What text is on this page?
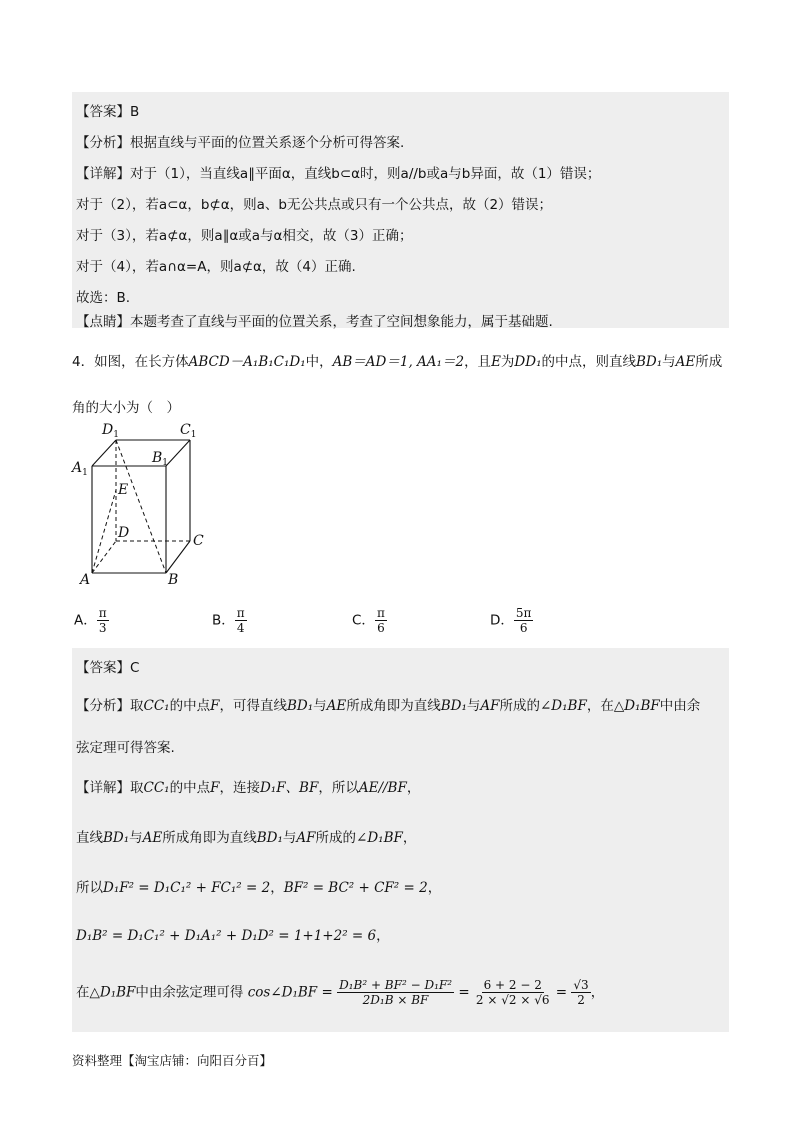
【答案】B
【分析】根据直线与平面的位置关系逐个分析可得答案.
【详解】对于（1），当直线a∥平面α，直线b⊂α时，则a//b或a与b异面，故（1）错误；
对于（2），若a⊂α，b⊄α，则a、b无公共点或只有一个公共点，故（2）错误；
对于（3），若a⊄α，则a∥α或a与α相交，故（3）正确；
对于（4），若a∩α=A，则a⊄α，故（4）正确.
故选：B.
【点睛】本题考查了直线与平面的位置关系，考查了空间想象能力，属于基础题.
4．如图，在长方体ABCD－A₁B₁C₁D₁中，AB＝AD＝1, AA₁＝2，且E为DD₁的中点，则直线BD₁与AE所成
角的大小为（　）
$D_1$	$C_1$
$A_1$
$B_1$
E
D	C
A	B
A． $\frac{\pi}{3}$	B． $\frac{\pi}{4}$	C． $\frac{\pi}{6}$	D． $\frac{5\pi}{6}$
【答案】C
【分析】取CC₁的中点F，可得直线BD₁与AE所成角即为直线BD₁与AF所成的∠D₁BF，在△D₁BF中由余
弦定理可得答案.
【详解】取CC₁的中点F，连接D₁F、BF，所以AE//BF，
直线BD₁与AE所成角即为直线BD₁与AF所成的∠D₁BF，
所以D₁F² = D₁C₁² + FC₁² = 2，BF² = BC² + CF² = 2，
D₁B² = D₁C₁² + D₁A₁² + D₁D² = 1+1+2² = 6，
在△D₁BF中由余弦定理可得 cos∠D₁BF = $\frac{\text{D₁B² + BF² − D₁F²}}{\text{2D₁B × BF}} = \frac{6 + 2 - 2}{2 \times √2 \times √6} = \frac{√3}{2}$ ，
资料整理【淘宝店铺：向阳百分百】
